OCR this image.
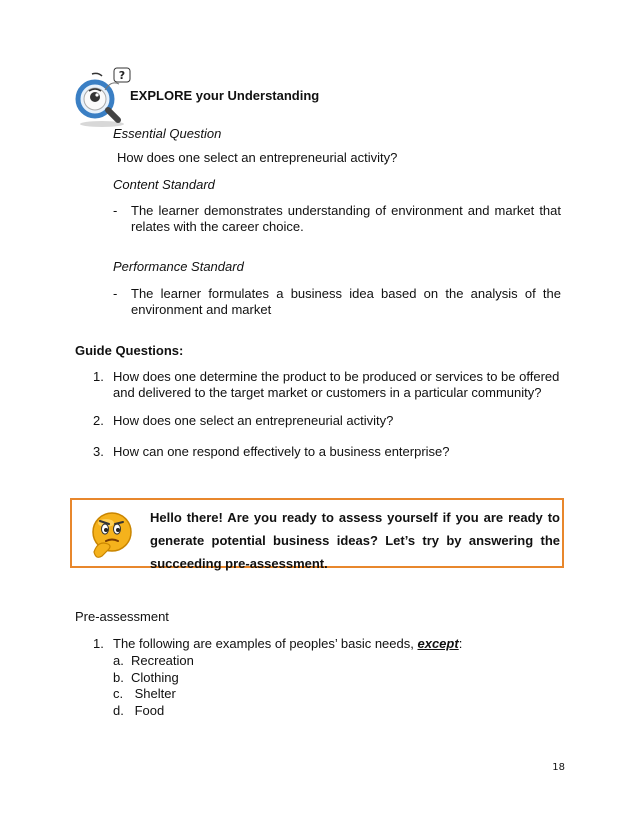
?
EXPLORE your Understanding
Essential Question
How does one select an entrepreneurial activity?
Content Standard
-	The learner demonstrates understanding of environment and market that relates with the career choice.
Performance Standard
-	The learner formulates a business idea based on the analysis of the environment and market
Guide Questions:
1. How does one determine the product to be produced or services to be offered and delivered to the target market or customers in a particular community?
2. How does one select an entrepreneurial activity?
3. How can one respond effectively to a business enterprise?
Hello there! Are you ready to assess yourself if you are ready to generate potential business ideas? Let’s try by answering the succeeding pre-assessment.
Pre-assessment
1. The following are examples of peoples’ basic needs, except:
a. Recreation
b. Clothing
c. Shelter
d. Food
18
